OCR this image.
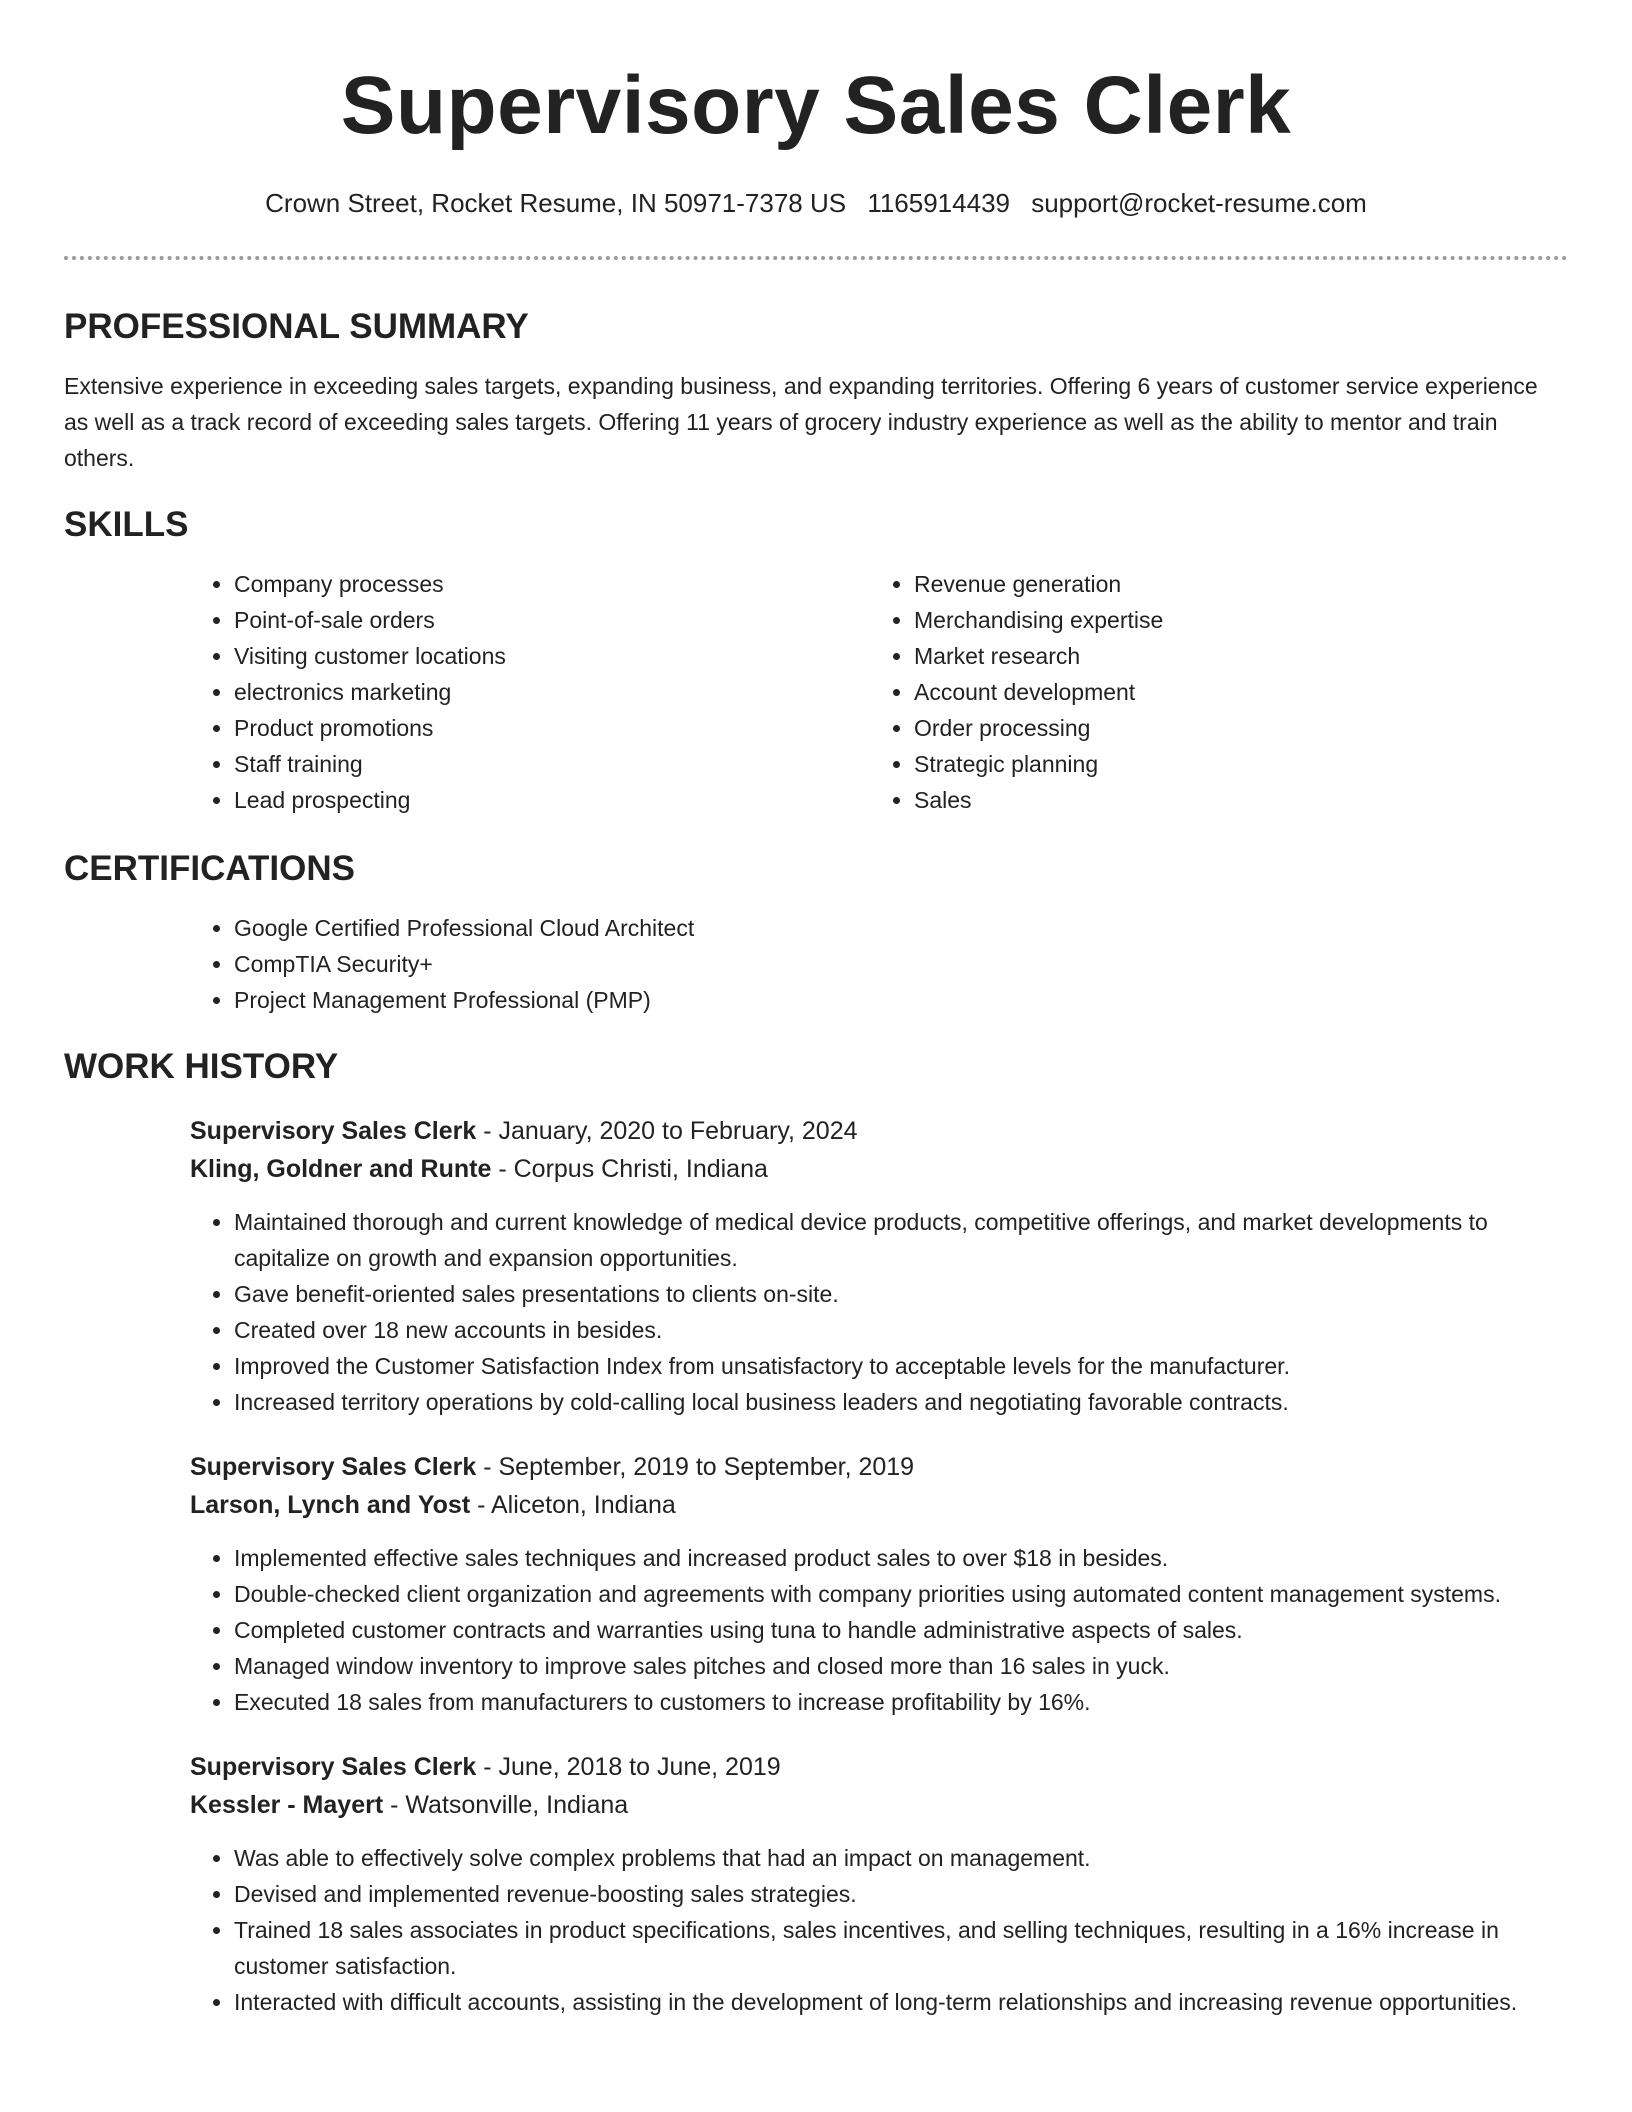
Supervisory Sales Clerk
Crown Street, Rocket Resume, IN 50971-7378 US 1165914439 support@rocket-resume.com
PROFESSIONAL SUMMARY

Extensive experience in exceeding sales targets, expanding business, and expanding territories. Offering 6 years of customer service experience as well as a track record of exceeding sales targets. Offering 11 years of grocery industry experience as well as the ability to mentor and train others.

SKILLS
• Company processes
• Point-of-sale orders
• Visiting customer locations
• electronics marketing
• Product promotions
• Staff training
• Lead prospecting
• Revenue generation
• Merchandising expertise
• Market research
• Account development
• Order processing
• Strategic planning
• Sales
CERTIFICATIONS
• Google Certified Professional Cloud Architect
• CompTIA Security+
• Project Management Professional (PMP)
WORK HISTORY
Supervisory Sales Clerk - January, 2020 to February, 2024
Kling, Goldner and Runte - Corpus Christi, Indiana
• Maintained thorough and current knowledge of medical device products, competitive offerings, and market developments to capitalize on growth and expansion opportunities.
• Gave benefit-oriented sales presentations to clients on-site.
• Created over 18 new accounts in besides.
• Improved the Customer Satisfaction Index from unsatisfactory to acceptable levels for the manufacturer.
• Increased territory operations by cold-calling local business leaders and negotiating favorable contracts.
Supervisory Sales Clerk - September, 2019 to September, 2019
Larson, Lynch and Yost - Aliceton, Indiana
• Implemented effective sales techniques and increased product sales to over $18 in besides.
• Double-checked client organization and agreements with company priorities using automated content management systems.
• Completed customer contracts and warranties using tuna to handle administrative aspects of sales.
• Managed window inventory to improve sales pitches and closed more than 16 sales in yuck.
• Executed 18 sales from manufacturers to customers to increase profitability by 16%.
Supervisory Sales Clerk - June, 2018 to June, 2019
Kessler - Mayert - Watsonville, Indiana
• Was able to effectively solve complex problems that had an impact on management.
• Devised and implemented revenue-boosting sales strategies.
• Trained 18 sales associates in product specifications, sales incentives, and selling techniques, resulting in a 16% increase in customer satisfaction.
• Interacted with difficult accounts, assisting in the development of long-term relationships and increasing revenue opportunities.
